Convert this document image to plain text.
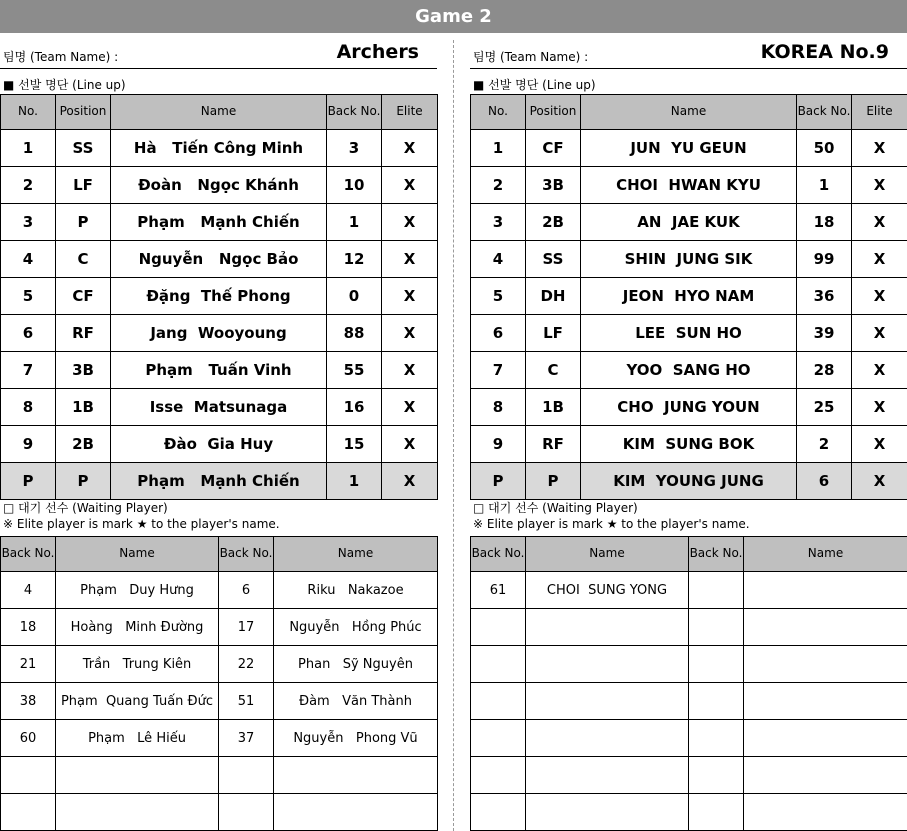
Game 2
팀명 (Team Name) :	Archers
■ 선발 명단 (Line up)
No.	Position	Name	Back No.	Elite
1	SS	Hà   Tiến Công Minh	3	X
2	LF	Đoàn   Ngọc Khánh	10	X
3	P	Phạm   Mạnh Chiến	1	X
4	C	Nguyễn   Ngọc Bảo	12	X
5	CF	Đặng  Thế Phong	0	X
6	RF	Jang  Wooyoung	88	X
7	3B	Phạm   Tuấn Vinh	55	X
8	1B	Isse  Matsunaga	16	X
9	2B	Đào  Gia Huy	15	X
P	P	Phạm   Mạnh Chiến	1	X
□ 대기 선수 (Waiting Player)
※ Elite player is mark ★ to the player's name.
Back No.	Name	Back No.	Name
4	Phạm   Duy Hưng	6	Riku   Nakazoe
18	Hoàng   Minh Đường	17	Nguyễn   Hồng Phúc
21	Trần   Trung Kiên	22	Phan   Sỹ Nguyên
38	Phạm  Quang Tuấn Đức	51	Đàm   Văn Thành
60	Phạm   Lê Hiếu	37	Nguyễn   Phong Vũ

팀명 (Team Name) :	KOREA No.9
■ 선발 명단 (Line up)
No.	Position	Name	Back No.	Elite
1	CF	JUN  YU GEUN	50	X
2	3B	CHOI  HWAN KYU	1	X
3	2B	AN  JAE KUK	18	X
4	SS	SHIN  JUNG SIK	99	X
5	DH	JEON  HYO NAM	36	X
6	LF	LEE  SUN HO	39	X
7	C	YOO  SANG HO	28	X
8	1B	CHO  JUNG YOUN	25	X
9	RF	KIM  SUNG BOK	2	X
P	P	KIM  YOUNG JUNG	6	X
□ 대기 선수 (Waiting Player)
※ Elite player is mark ★ to the player's name.
Back No.	Name	Back No.	Name
61	CHOI  SUNG YONG		
